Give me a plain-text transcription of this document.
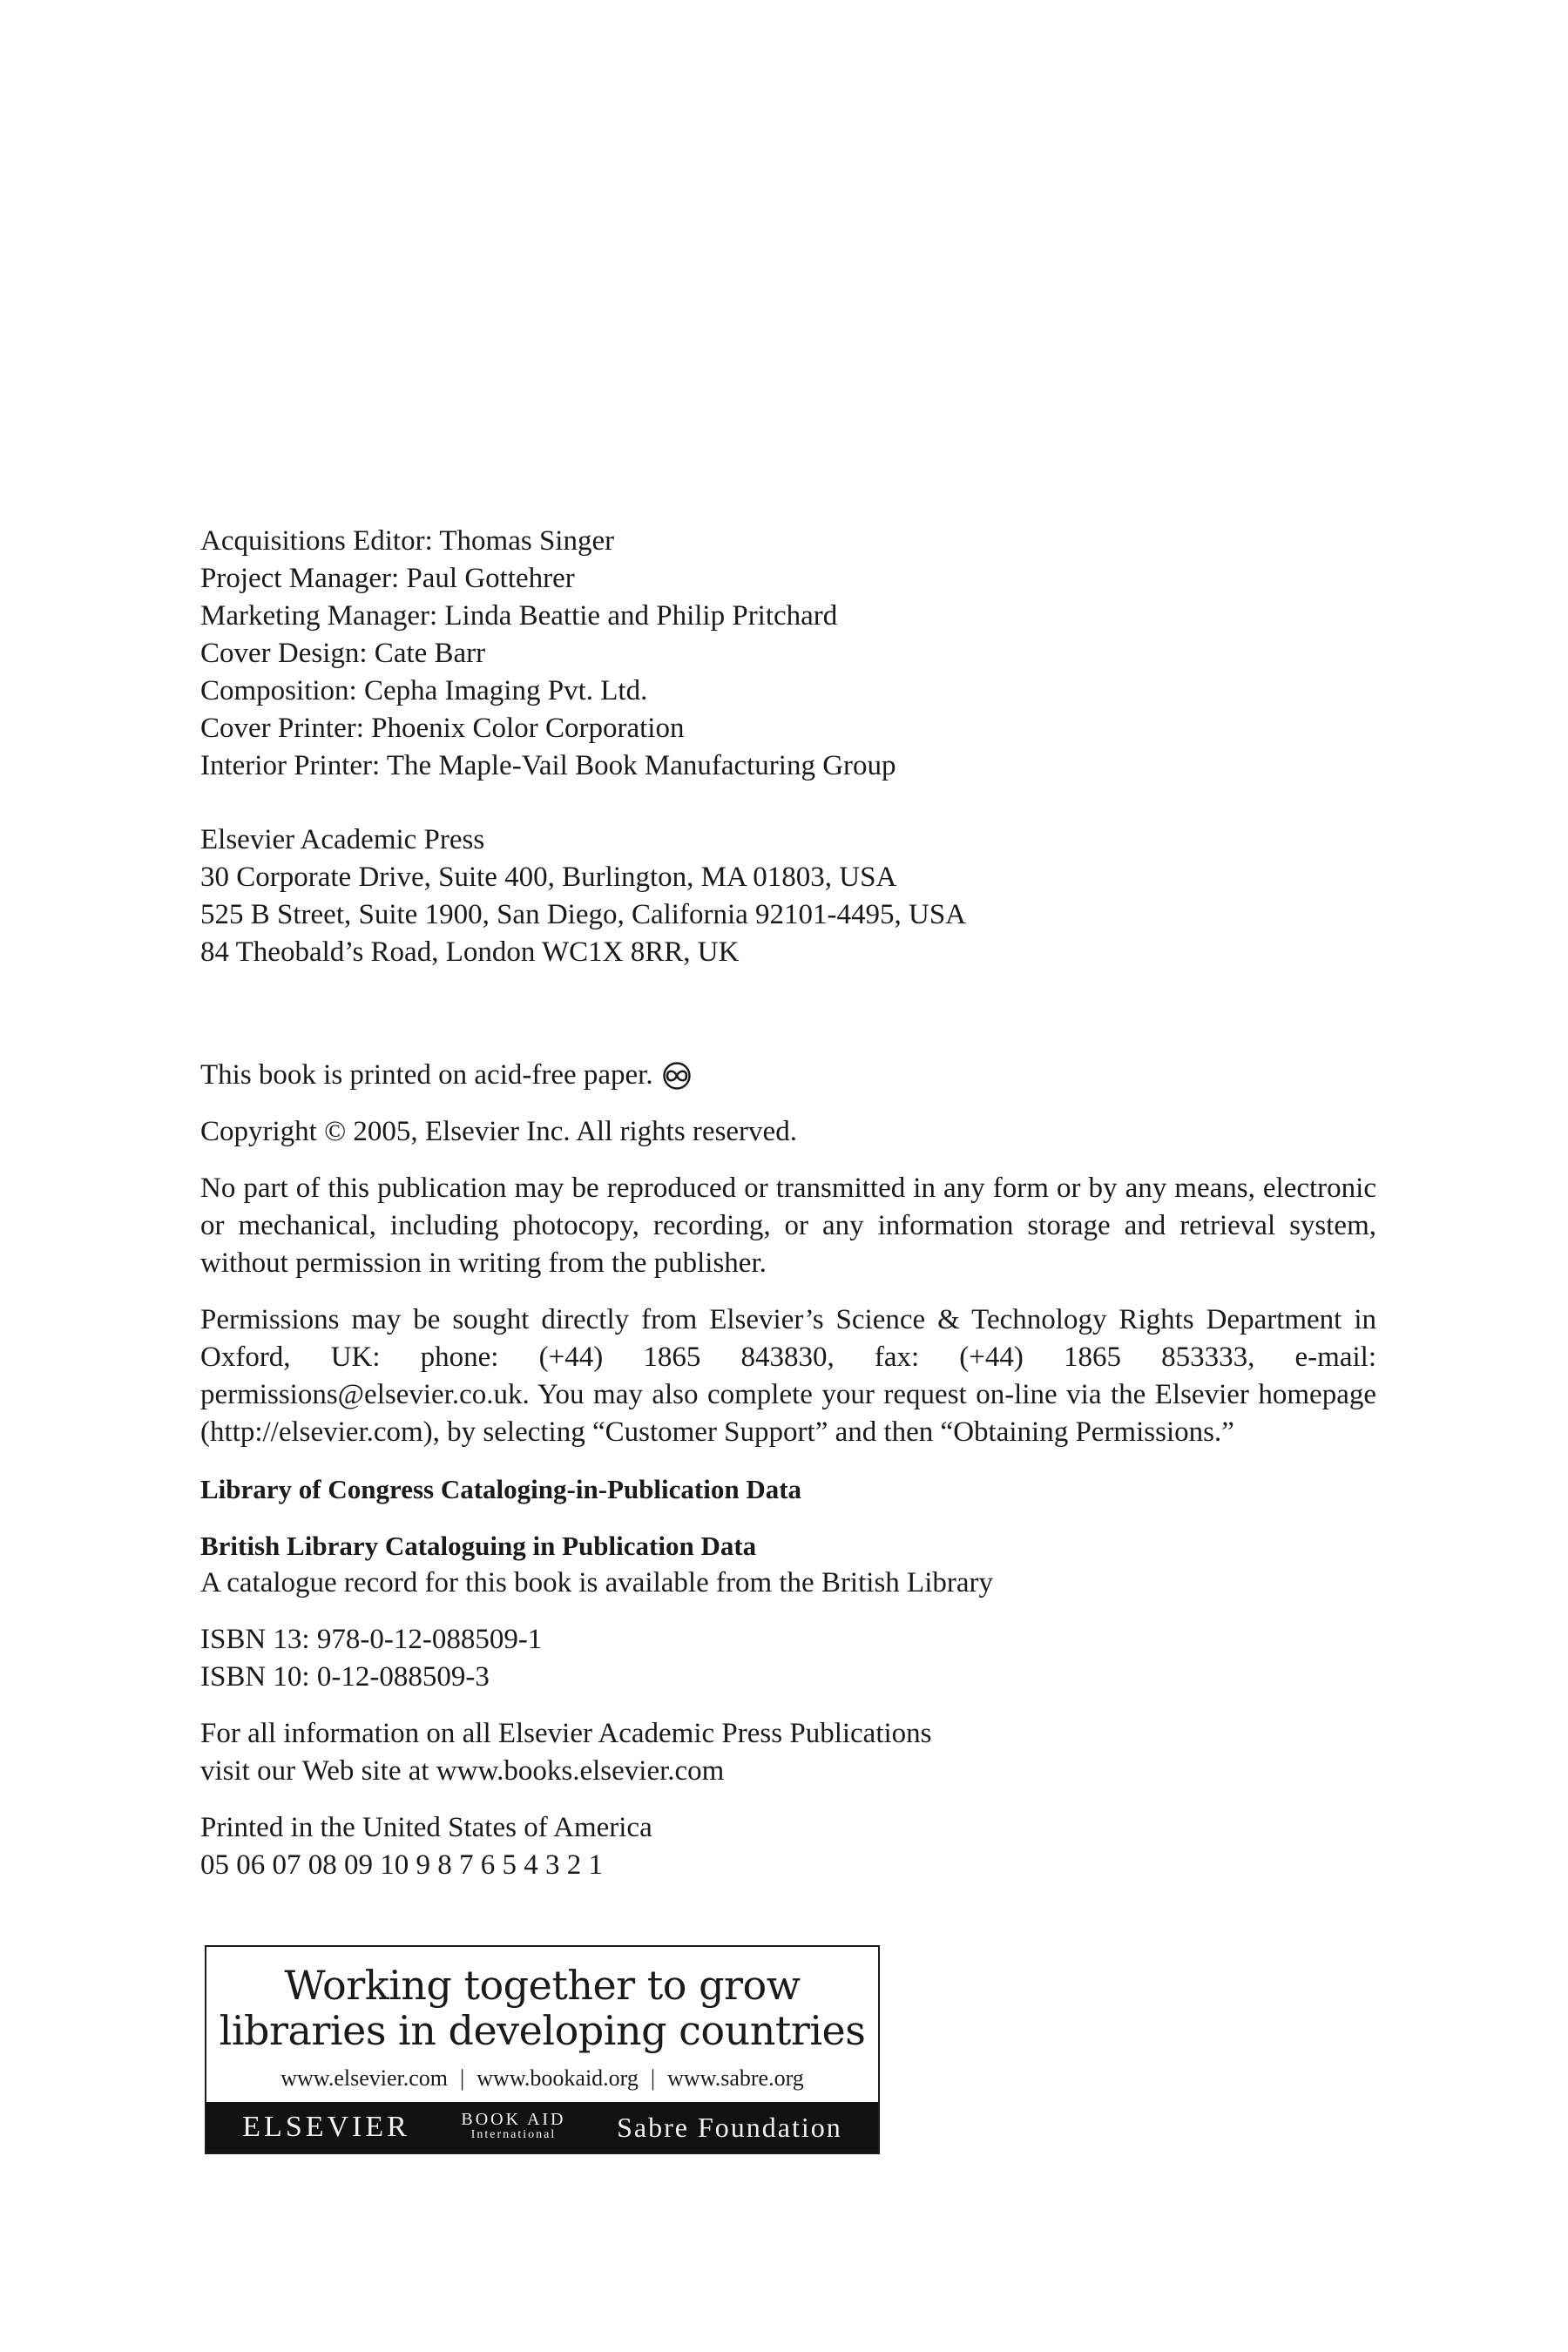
Acquisitions Editor: Thomas Singer
Project Manager: Paul Gottehrer
Marketing Manager: Linda Beattie and Philip Pritchard
Cover Design: Cate Barr
Composition: Cepha Imaging Pvt. Ltd.
Cover Printer: Phoenix Color Corporation
Interior Printer: The Maple-Vail Book Manufacturing Group
Elsevier Academic Press
30 Corporate Drive, Suite 400, Burlington, MA 01803, USA
525 B Street, Suite 1900, San Diego, California 92101-4495, USA
84 Theobald’s Road, London WC1X 8RR, UK
This book is printed on acid-free paper.
Copyright © 2005, Elsevier Inc. All rights reserved.
No part of this publication may be reproduced or transmitted in any form or by any means, electronic or mechanical, including photocopy, recording, or any information storage and retrieval system, without permission in writing from the publisher.
Permissions may be sought directly from Elsevier’s Science & Technology Rights Department in Oxford, UK: phone: (+44) 1865 843830, fax: (+44) 1865 853333, e-mail: permissions@elsevier.co.uk. You may also complete your request on-line via the Elsevier homepage (http://elsevier.com), by selecting “Customer Support” and then “Obtaining Permissions.”
Library of Congress Cataloging-in-Publication Data
British Library Cataloguing in Publication Data
A catalogue record for this book is available from the British Library
ISBN 13: 978-0-12-088509-1
ISBN 10: 0-12-088509-3
For all information on all Elsevier Academic Press Publications
visit our Web site at www.books.elsevier.com
Printed in the United States of America
05 06 07 08 09 10 9 8 7 6 5 4 3 2 1
Working together to grow
libraries in developing countries
www.elsevier.com | www.bookaid.org | www.sabre.org
ELSEVIER	BOOK AID
International	Sabre Foundation
